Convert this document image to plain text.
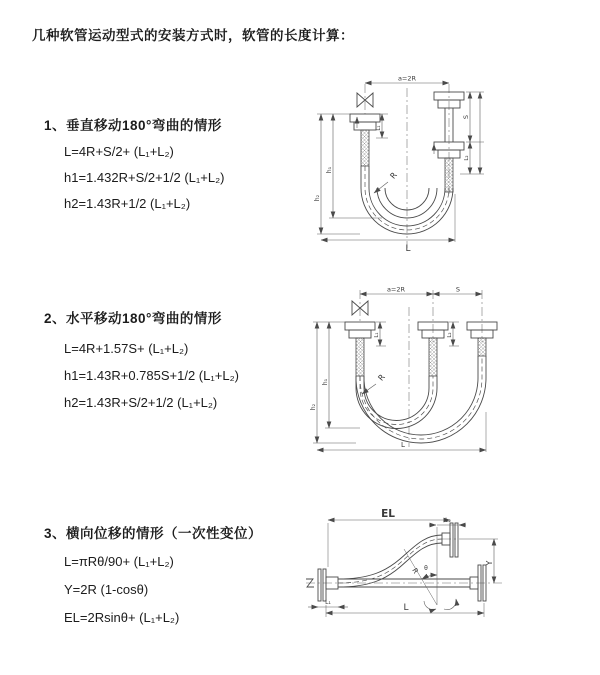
几种软管运动型式的安装方式时，软管的长度计算：
1、垂直移动180°弯曲的情形
L=4R+S/2+ (L₁+L₂)
h1=1.432R+S/2+1/2 (L₁+L₂)
h2=1.43R+1/2 (L₁+L₂)
R
a=2R
h₂
h₁
L₁
S
L₂
L
2、水平移动180°弯曲的情形
L=4R+1.57S+ (L₁+L₂)
h1=1.43R+0.785S+1/2 (L₁+L₂)
h2=1.43R+S/2+1/2 (L₁+L₂)
R
a=2R	S
h₂
h₁
L₁	L₂
L
3、横向位移的情形（一次性变位）
L=πRθ/90+ (L₁+L₂)
Y=2R (1-cosθ)
EL=2Rsinθ+ (L₁+L₂)
R θ
EL
L₂
Y
L₁
L
